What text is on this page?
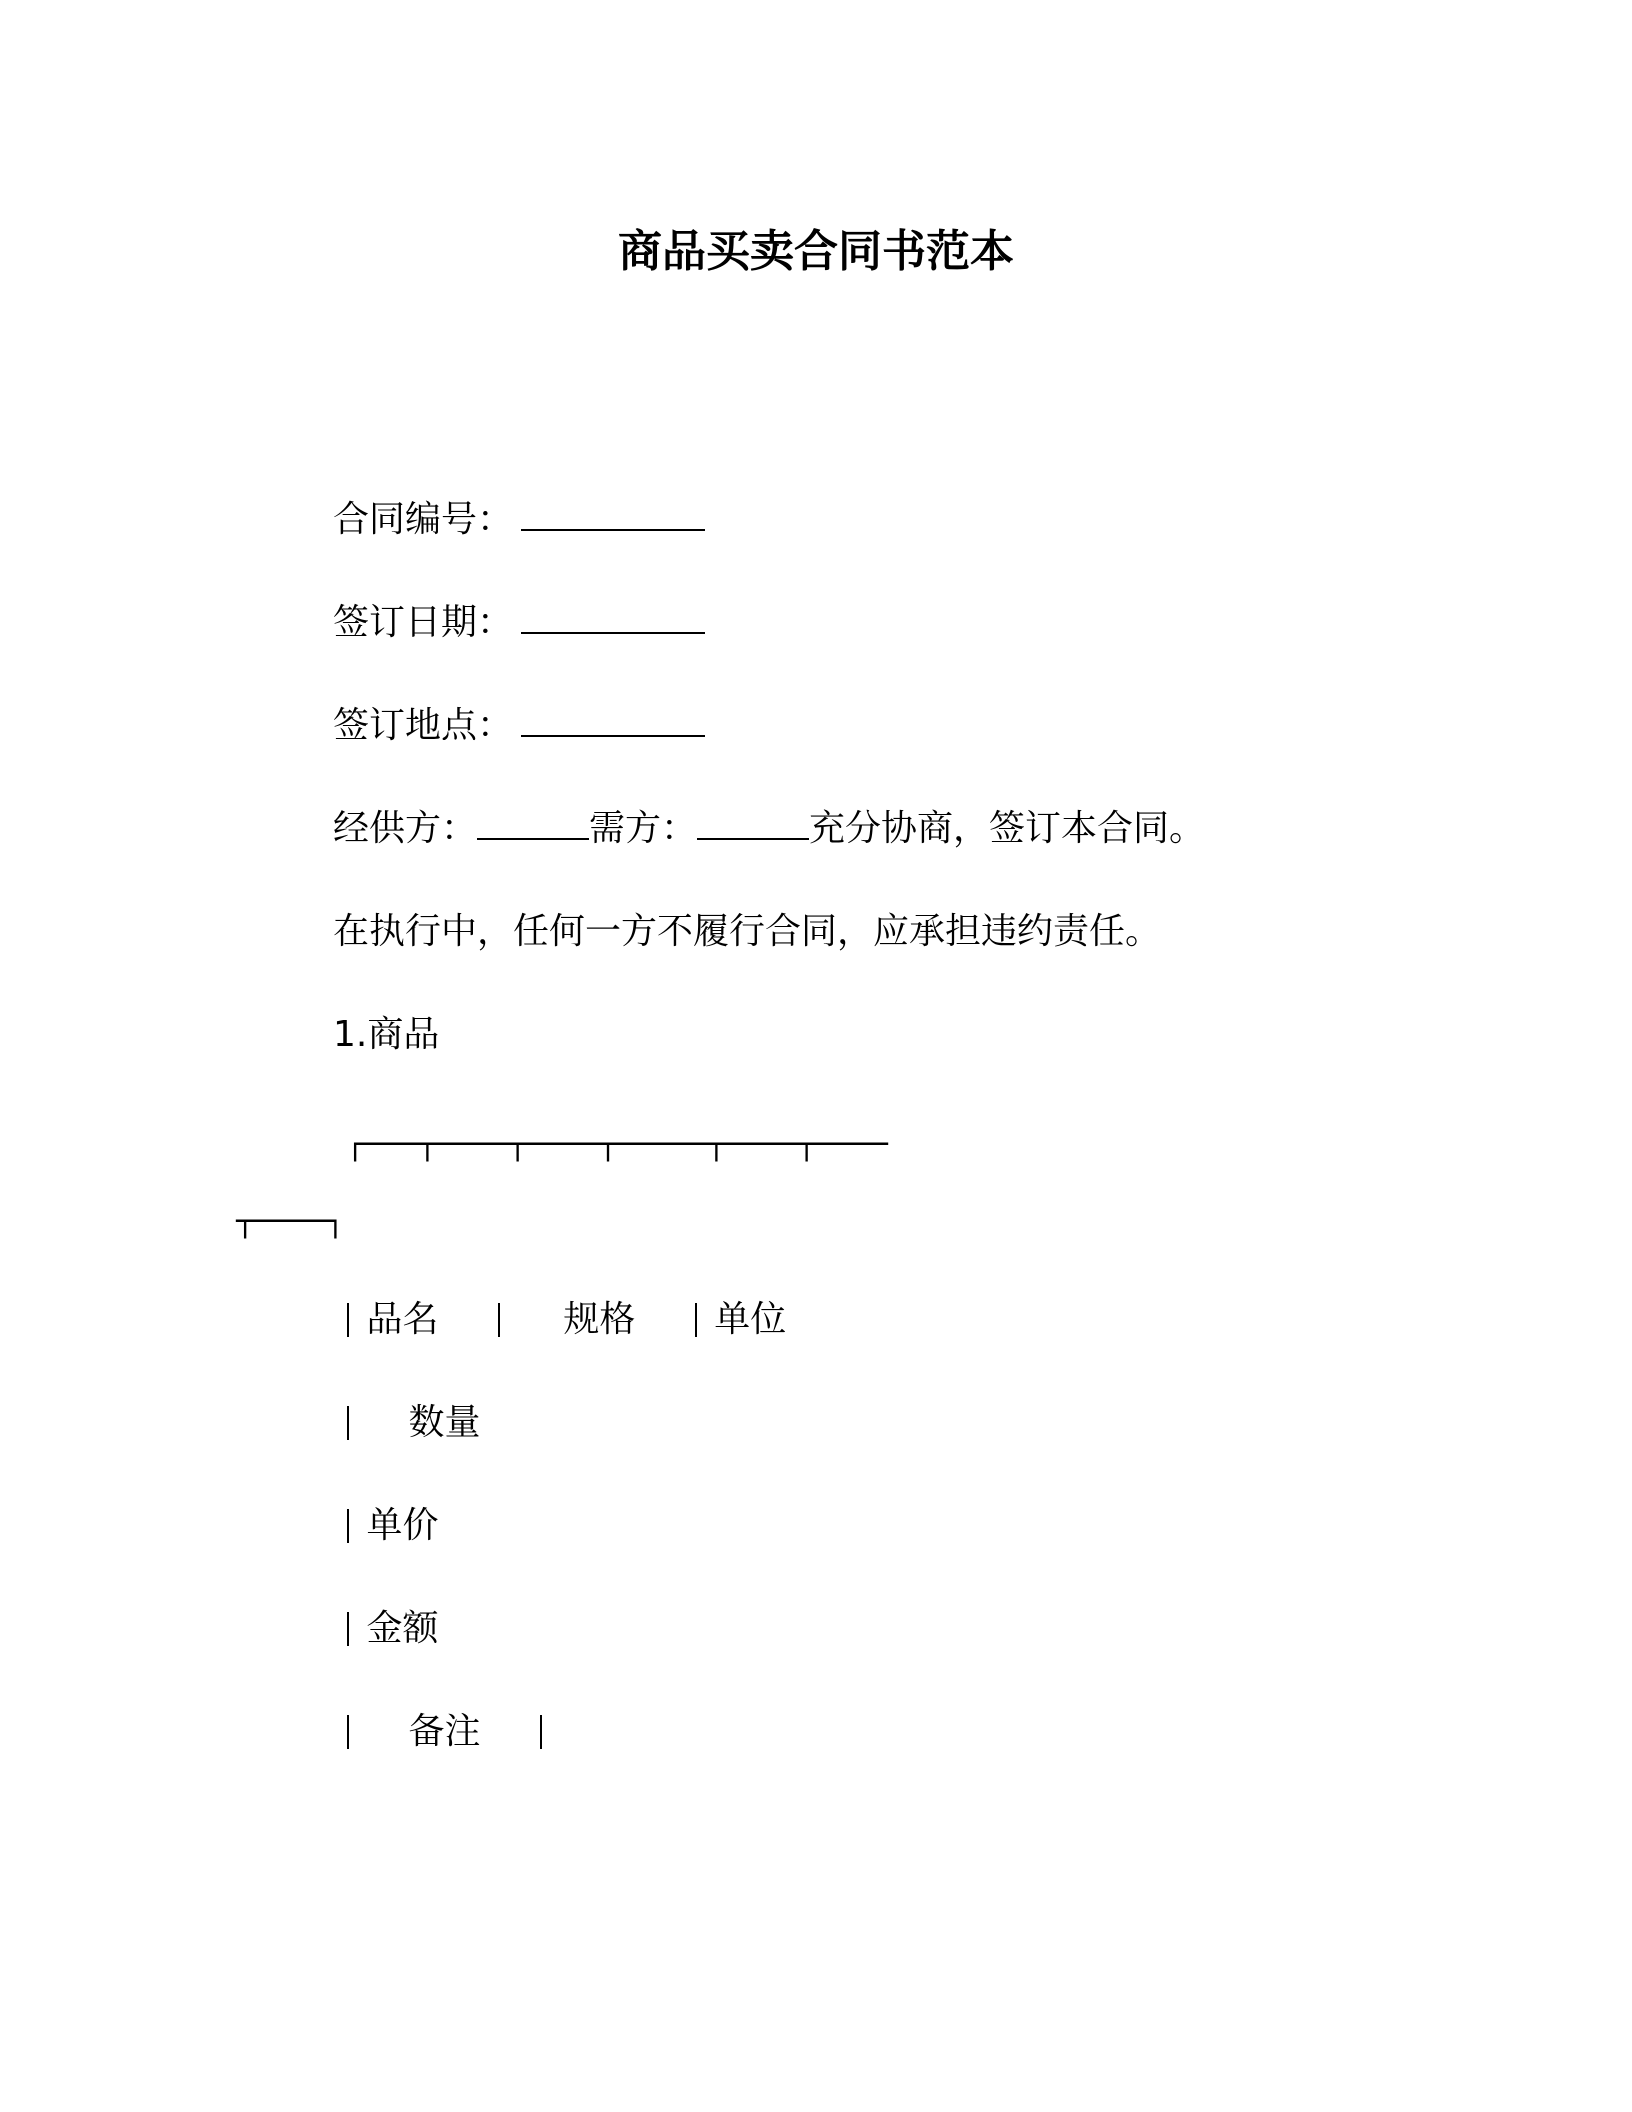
商品买卖合同书范本
合同编号：
签订日期：
签订地点：
经供方：	需方：	充分协商，签订本合同。
在执行中，任何一方不履行合同，应承担违约责任。
1.商品
┌───┬────┬────┬─────┬────┬────
┬────┐
品名	规格 单位
数量
单价
金额
备注
